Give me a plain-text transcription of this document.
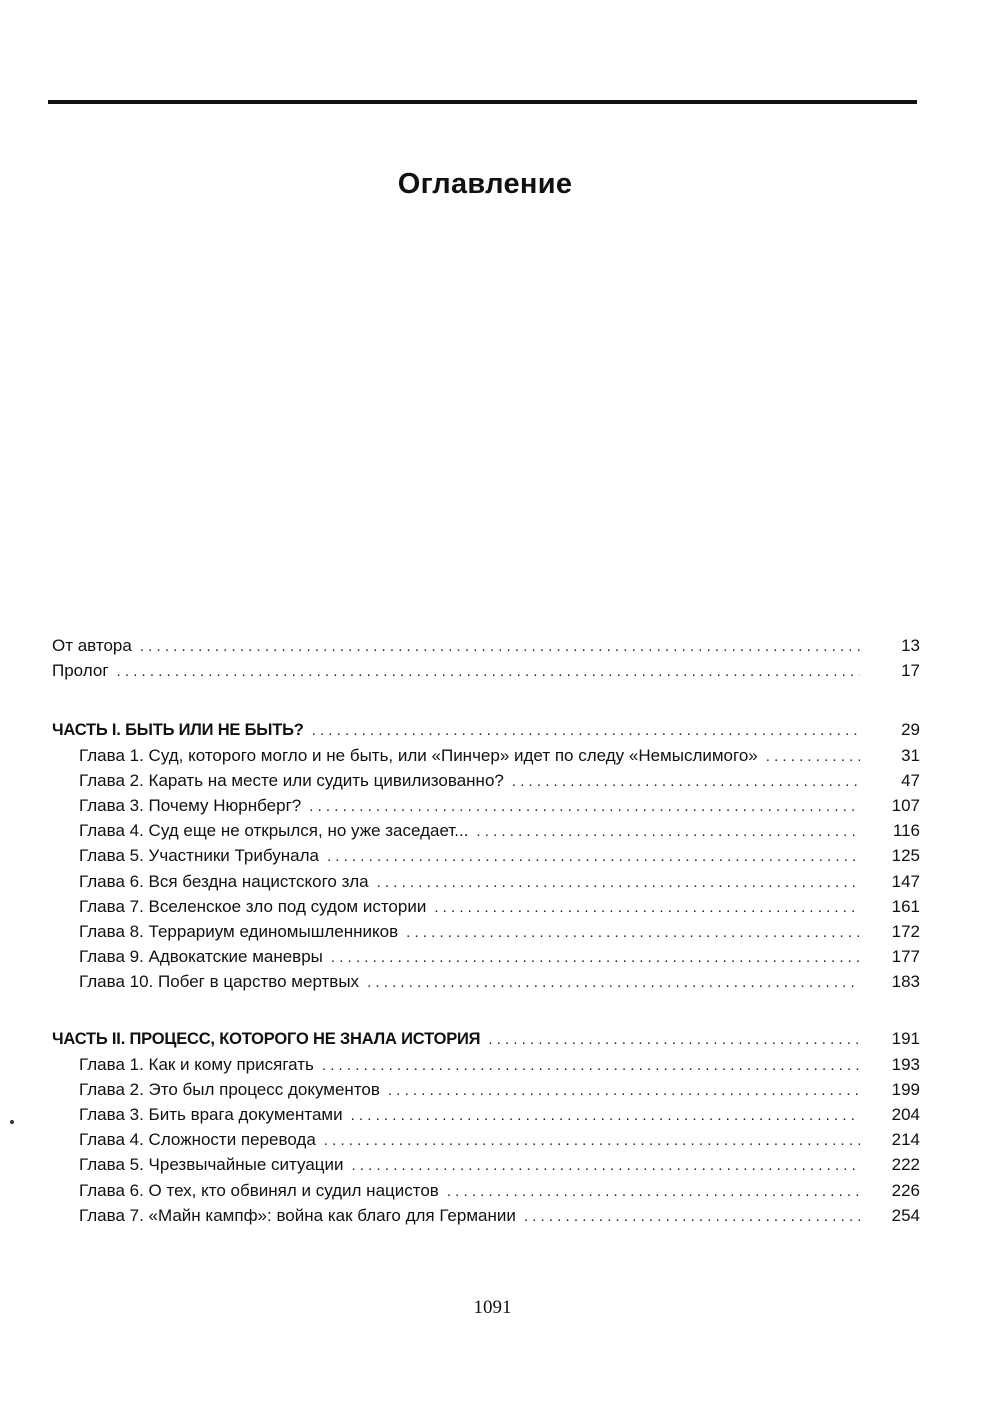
Оглавление
От автора . . .	13
Пролог . . .	17
ЧАСТЬ I. БЫТЬ ИЛИ НЕ БЫТЬ? . . .	29
Глава 1. Суд, которого могло и не быть, или «Пинчер» идет по следу «Немыслимого» . . .	31
Глава 2. Карать на месте или судить цивилизованно? . . .	47
Глава 3. Почему Нюрнберг? . . .	107
Глава 4. Суд еще не открылся, но уже заседает... . . .	116
Глава 5. Участники Трибунала . . .	125
Глава 6. Вся бездна нацистского зла . . .	147
Глава 7. Вселенское зло под судом истории . . .	161
Глава 8. Террариум единомышленников . . .	172
Глава 9. Адвокатские маневры . . .	177
Глава 10. Побег в царство мертвых . . .	183
ЧАСТЬ II. ПРОЦЕСС, КОТОРОГО НЕ ЗНАЛА ИСТОРИЯ . . .	191
Глава 1. Как и кому присягать . . .	193
Глава 2. Это был процесс документов . . .	199
Глава 3. Бить врага документами . . .	204
Глава 4. Сложности перевода . . .	214
Глава 5. Чрезвычайные ситуации . . .	222
Глава 6. О тех, кто обвинял и судил нацистов . . .	226
Глава 7. «Майн кампф»: война как благо для Германии . . .	254
1091
